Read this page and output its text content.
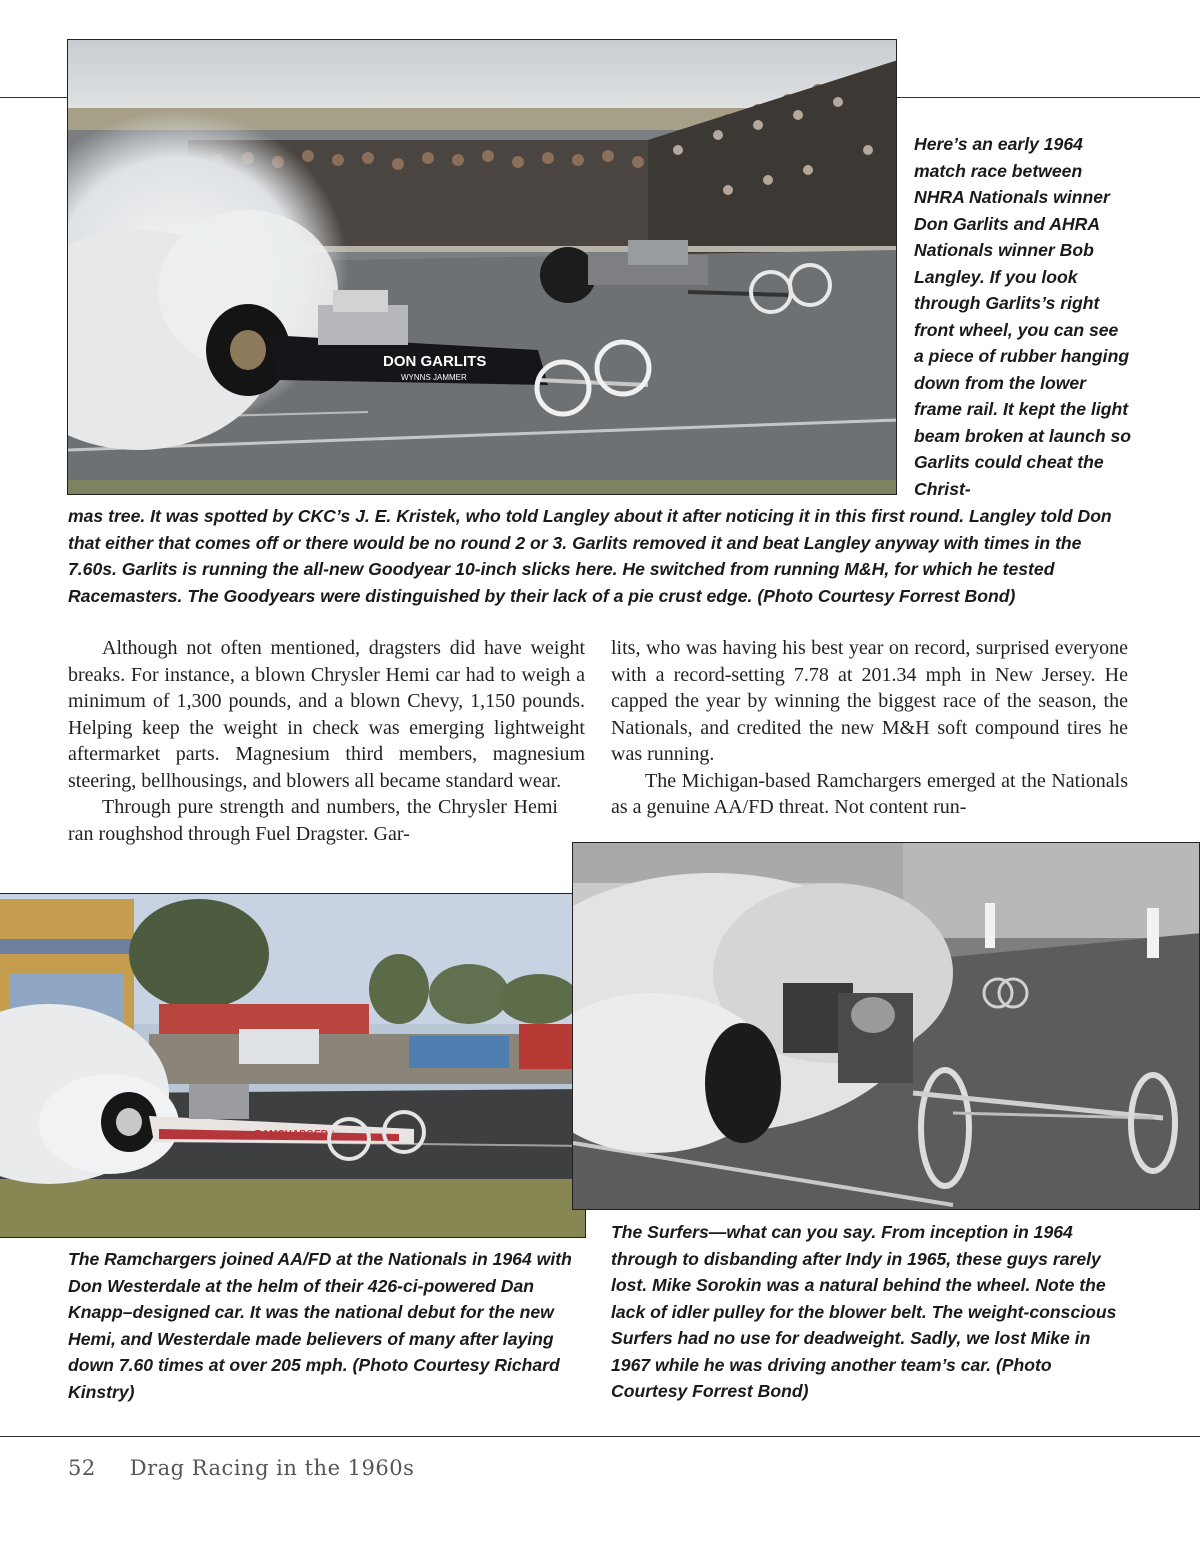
DON GARLITS
WYNNS JAMMER

Here’s an early 1964 match race between NHRA Nationals winner Don Garlits and AHRA Nationals winner Bob Langley. If you look through Garlits’s right front wheel, you can see a piece of rubber hanging down from the lower frame rail. It kept the light beam broken at launch so Garlits could cheat the Christ-

mas tree. It was spotted by CKC’s J. E. Kristek, who told Langley about it after noticing it in this first round. Langley told Don that either that comes off or there would be no round 2 or 3. Garlits removed it and beat Langley anyway with times in the 7.60s. Garlits is running the all-new Goodyear 10-inch slicks here. He switched from running M&H, for which he tested Racemasters. The Goodyears were distinguished by their lack of a pie crust edge. (Photo Courtesy Forrest Bond)

Although not often mentioned, dragsters did have weight breaks. For instance, a blown Chrysler Hemi car had to weigh a minimum of 1,300 pounds, and a blown Chevy, 1,150 pounds. Helping keep the weight in check was emerging lightweight aftermarket parts. Magnesium third members, magnesium steering, bellhousings, and blowers all became standard wear.

Through pure strength and numbers, the Chrysler Hemi ran roughshod through Fuel Dragster. Gar-

lits, who was having his best year on record, surprised everyone with a record-setting 7.78 at 201.34 mph in New Jersey. He capped the year by winning the biggest race of the season, the Nationals, and credited the new M&H soft compound tires he was running.

The Michigan-based Ramchargers emerged at the Nationals as a genuine AA/FD threat. Not content run-

RAMCHARGERS

The Ramchargers joined AA/FD at the Nationals in 1964 with Don Westerdale at the helm of their 426-ci-powered Dan Knapp–designed car. It was the national debut for the new Hemi, and Westerdale made believers of many after laying down 7.60 times at over 205 mph. (Photo Courtesy Richard Kinstry)

The Surfers—what can you say. From inception in 1964 through to disbanding after Indy in 1965, these guys rarely lost. Mike Sorokin was a natural behind the wheel. Note the lack of idler pulley for the blower belt. The weight-conscious Surfers had no use for deadweight. Sadly, we lost Mike in 1967 while he was driving another team’s car. (Photo Courtesy Forrest Bond)

52 Drag Racing in the 1960s
